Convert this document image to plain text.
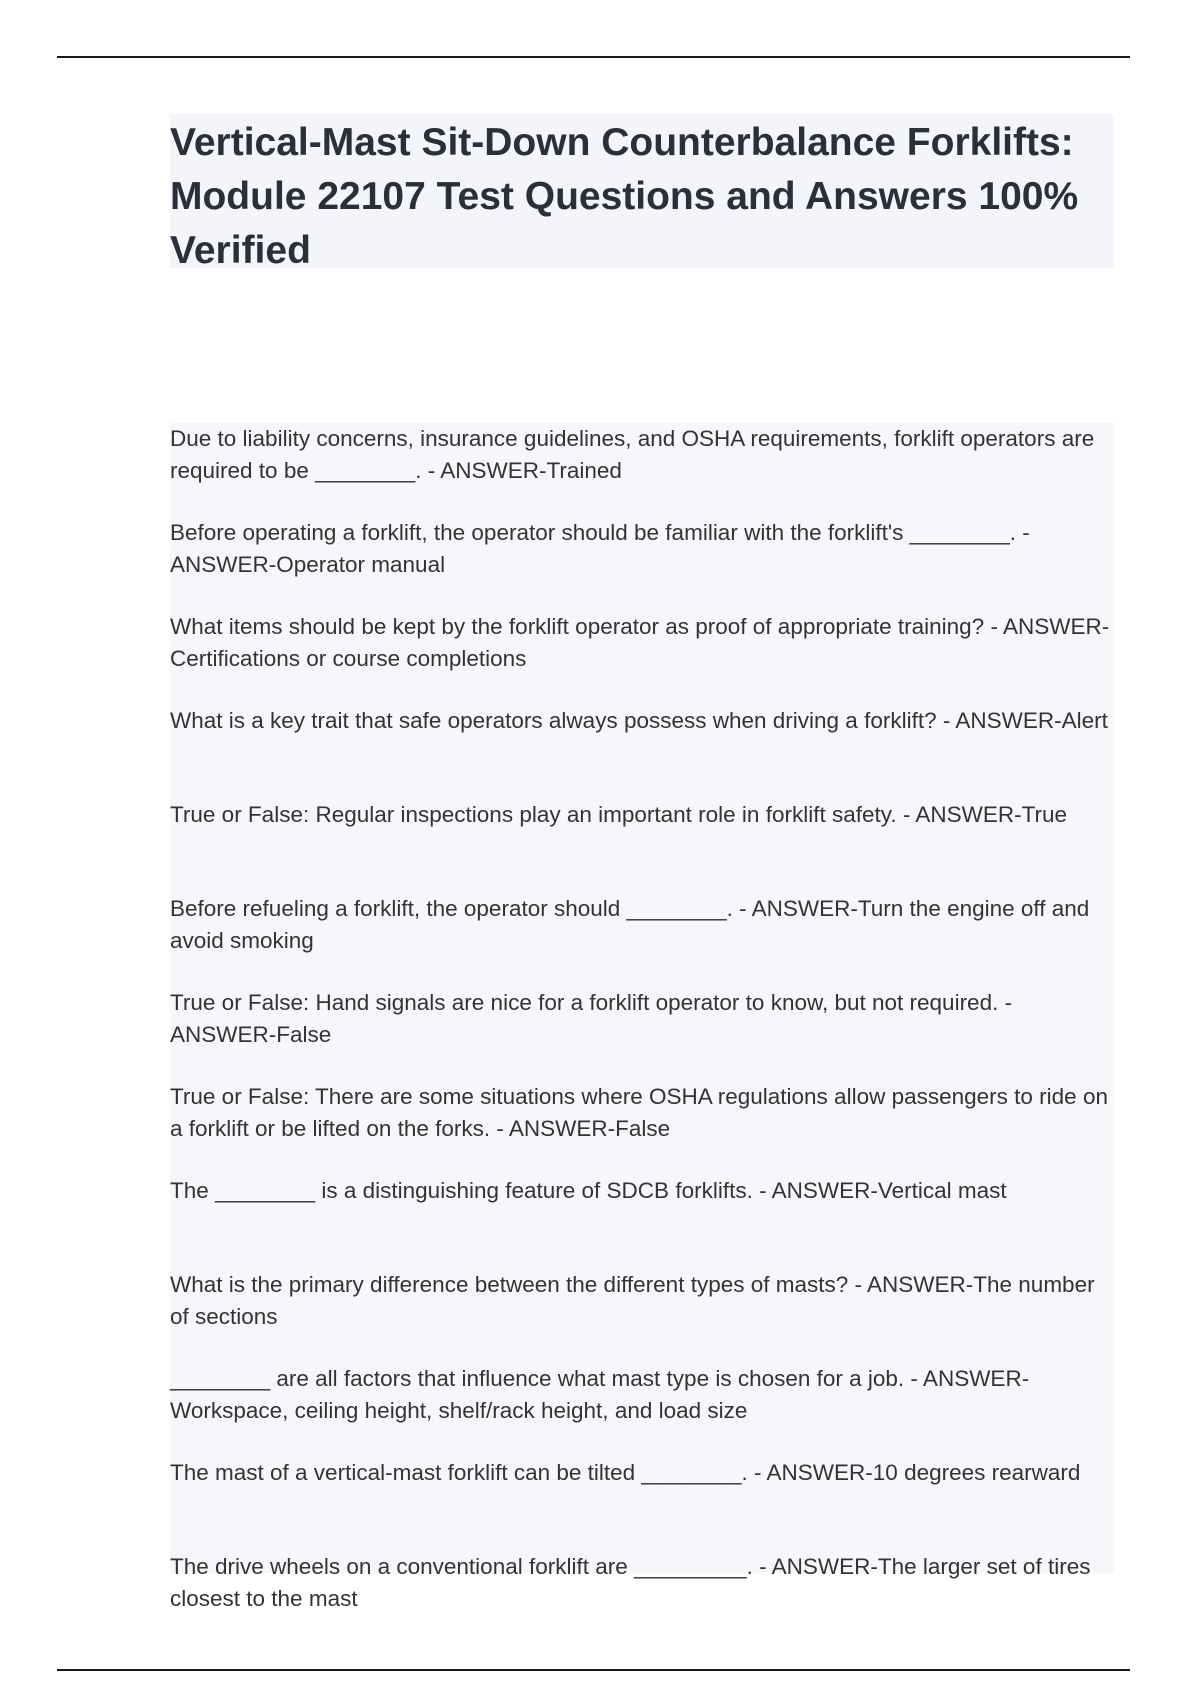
Vertical-Mast Sit-Down Counterbalance Forklifts: Module 22107 Test Questions and Answers 100% Verified
Due to liability concerns, insurance guidelines, and OSHA requirements, forklift operators are required to be ________. - ANSWER-Trained
Before operating a forklift, the operator should be familiar with the forklift's ________. - ANSWER-Operator manual
What items should be kept by the forklift operator as proof of appropriate training? - ANSWER-Certifications or course completions
What is a key trait that safe operators always possess when driving a forklift? - ANSWER-Alert
True or False: Regular inspections play an important role in forklift safety. - ANSWER-True
Before refueling a forklift, the operator should ________. - ANSWER-Turn the engine off and avoid smoking
True or False: Hand signals are nice for a forklift operator to know, but not required. - ANSWER-False
True or False: There are some situations where OSHA regulations allow passengers to ride on a forklift or be lifted on the forks. - ANSWER-False
The ________ is a distinguishing feature of SDCB forklifts. - ANSWER-Vertical mast
What is the primary difference between the different types of masts? - ANSWER-The number of sections
________ are all factors that influence what mast type is chosen for a job. - ANSWER-Workspace, ceiling height, shelf/rack height, and load size
The mast of a vertical-mast forklift can be tilted ________. - ANSWER-10 degrees rearward
The drive wheels on a conventional forklift are _________. - ANSWER-The larger set of tires closest to the mast
